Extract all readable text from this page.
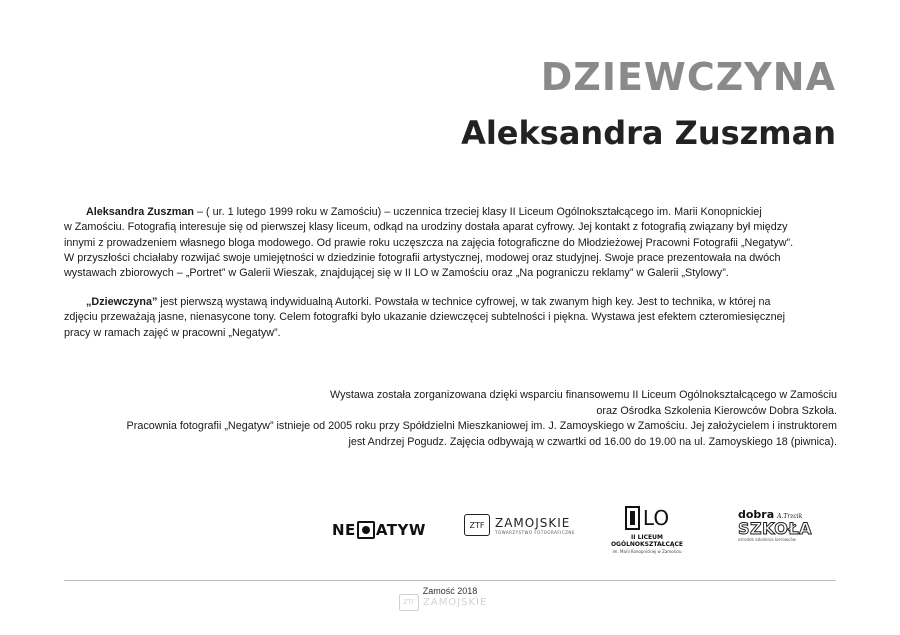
DZIEWCZYNA
Aleksandra Zuszman
Aleksandra Zuszman – ( ur. 1 lutego 1999 roku w Zamościu) – uczennica trzeciej klasy II Liceum Ogólnokształcącego im. Marii Konopnickiej
w Zamościu. Fotografią interesuje się od pierwszej klasy liceum, odkąd na urodziny dostała aparat cyfrowy. Jej kontakt z fotografią związany był między
innymi z prowadzeniem własnego bloga modowego. Od prawie roku uczęszcza na zajęcia fotograficzne do Młodzieżowej Pracowni Fotografii „Negatyw”.
W przyszłości chciałaby rozwijać swoje umiejętności w dziedzinie fotografii artystycznej, modowej oraz studyjnej. Swoje prace prezentowała na dwóch
wystawach zbiorowych – „Portret” w Galerii Wieszak, znajdującej się w II LO w Zamościu oraz „Na pograniczu reklamy” w Galerii „Stylowy”.
„Dziewczyna” jest pierwszą wystawą indywidualną Autorki. Powstała w technice cyfrowej, w tak zwanym high key. Jest to technika, w której na
zdjęciu przeważają jasne, nienasycone tony. Celem fotografki było ukazanie dziewczęcej subtelności i piękna. Wystawa jest efektem czteromiesięcznej
pracy w ramach zajęć w pracowni „Negatyw”.
Wystawa została zorganizowana dzięki wsparciu finansowemu II Liceum Ogólnokształcącego w Zamościu
oraz Ośrodka Szkolenia Kierowców Dobra Szkoła.
Pracownia fotografii „Negatyw” istnieje od 2005 roku przy Spółdzielni Mieszkaniowej im. J. Zamoyskiego w Zamościu. Jej założycielem i instruktorem
jest Andrzej Pogudz. Zajęcia odbywają w czwartki od 16.00 do 19.00 na ul. Zamoyskiego 18 (piwnica).
NE ATYW	ZTF ZAMOJSKIE
TOWARZYSTWO FOTOGRAFICZNE
LO
II LICEUM OGÓLNOKSZTAŁCĄCE
im. Marii Konopnickiej w Zamościu
dobra A.Trzcik
SZKOŁA
ośrodek szkolenia kierowców
Zamość 2018
ZTF ZAMOJSKIE
